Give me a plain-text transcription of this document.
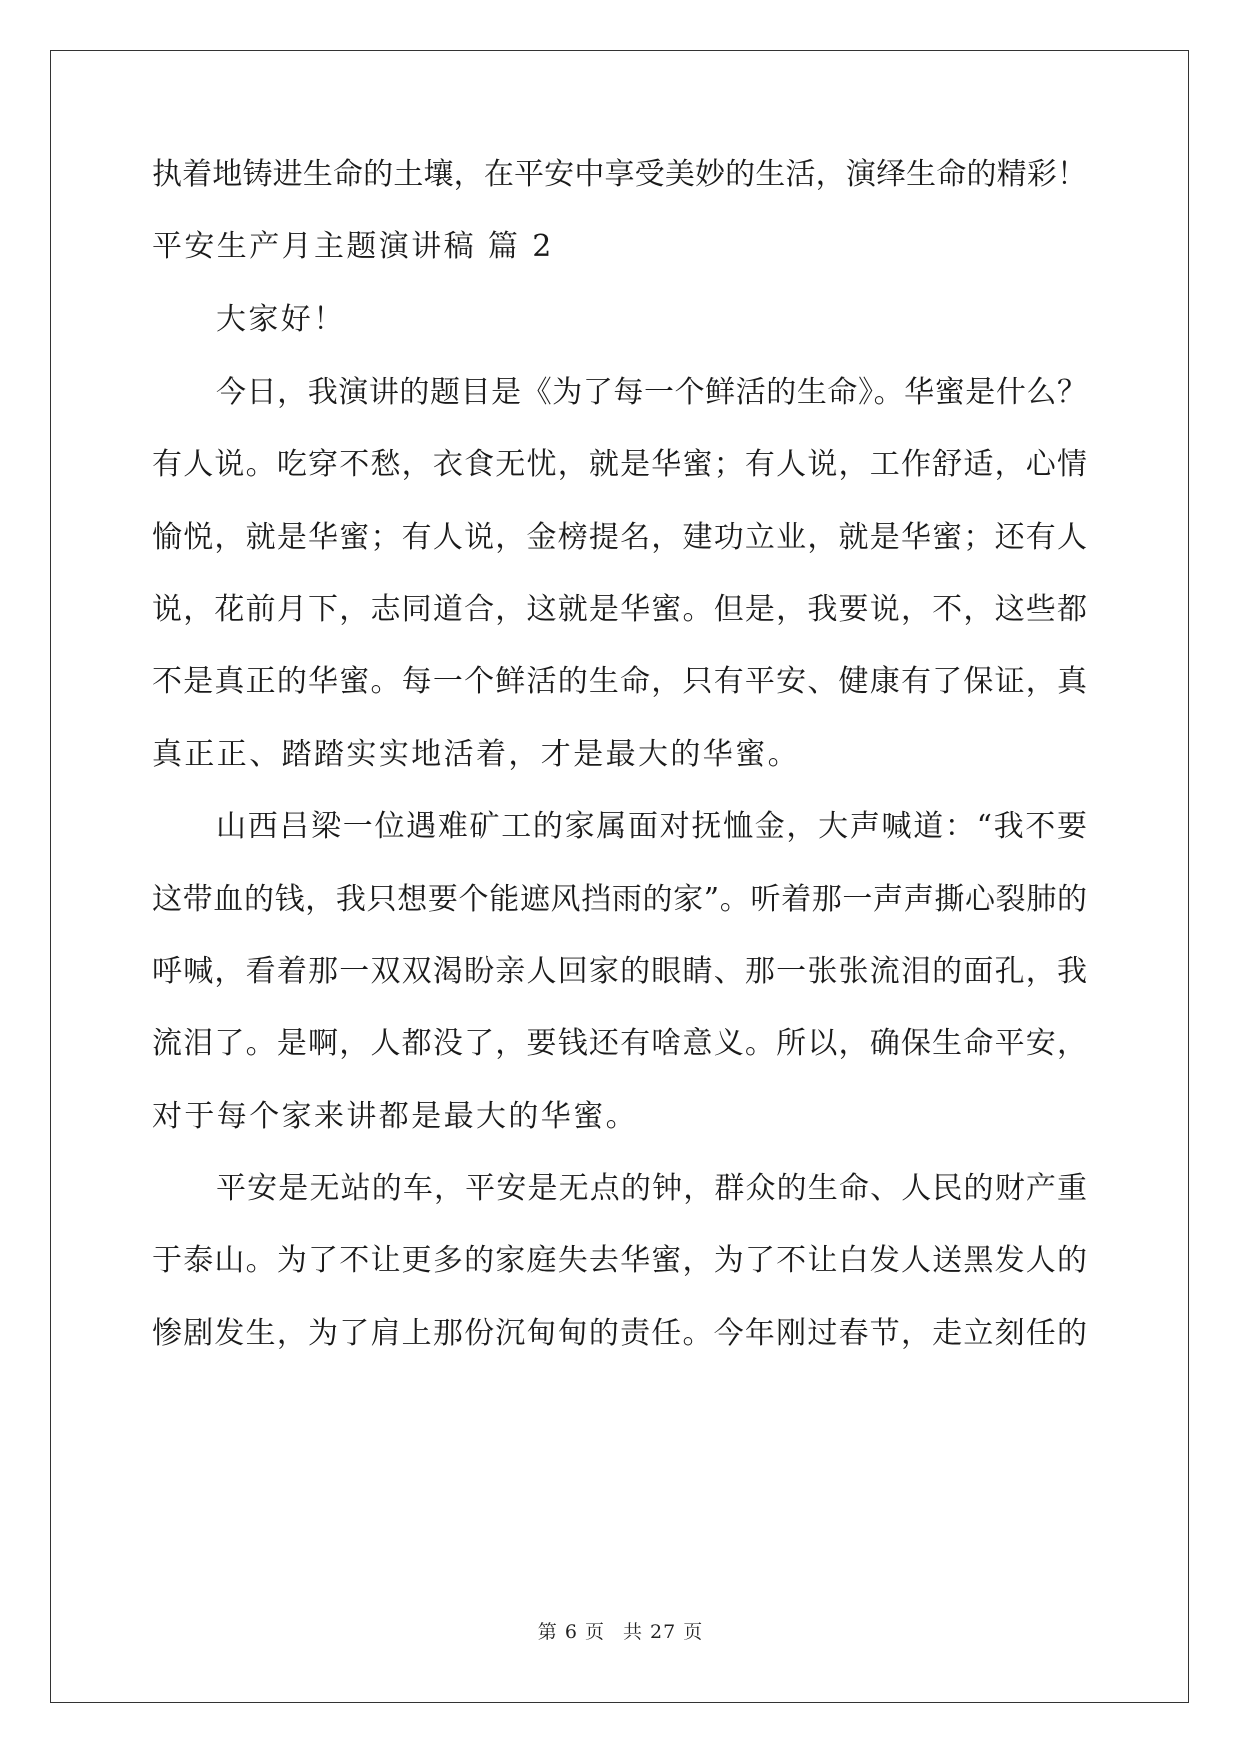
执着地铸进生命的土壤，在平安中享受美妙的生活，演绎生命的精彩！
平安生产月主题演讲稿 篇 2
大家好！
今日，我演讲的题目是《为了每一个鲜活的生命》。华蜜是什么？
有人说。吃穿不愁，衣食无忧，就是华蜜；有人说，工作舒适，心情
愉悦，就是华蜜；有人说，金榜提名，建功立业，就是华蜜；还有人
说，花前月下，志同道合，这就是华蜜。但是，我要说，不，这些都
不是真正的华蜜。每一个鲜活的生命，只有平安、健康有了保证，真
真正正、踏踏实实地活着，才是最大的华蜜。
山西吕梁一位遇难矿工的家属面对抚恤金，大声喊道：“我不要
这带血的钱，我只想要个能遮风挡雨的家”。听着那一声声撕心裂肺的
呼喊，看着那一双双渴盼亲人回家的眼睛、那一张张流泪的面孔，我
流泪了。是啊，人都没了，要钱还有啥意义。所以，确保生命平安，
对于每个家来讲都是最大的华蜜。
平安是无站的车，平安是无点的钟，群众的生命、人民的财产重
于泰山。为了不让更多的家庭失去华蜜，为了不让白发人送黑发人的
惨剧发生，为了肩上那份沉甸甸的责任。今年刚过春节，走立刻任的
第 6 页 共 27 页
